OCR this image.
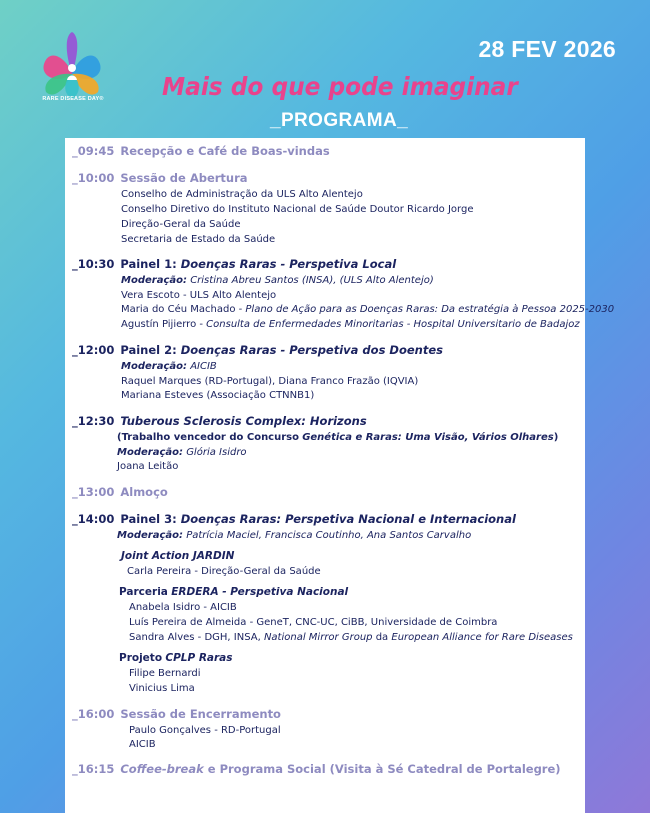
RARE DISEASE DAY®
28 FEV 2026
Mais do que pode imaginar
_PROGRAMA_
_09:45 Recepção e Café de Boas-vindas
_10:00 Sessão de Abertura
Conselho de Administração da ULS Alto Alentejo
Conselho Diretivo do Instituto Nacional de Saúde Doutor Ricardo Jorge
Direção-Geral da Saúde
Secretaria de Estado da Saúde
_10:30 Painel 1: Doenças Raras - Perspetiva Local
Moderação: Cristina Abreu Santos (INSA), (ULS Alto Alentejo)
Vera Escoto - ULS Alto Alentejo
Maria do Céu Machado - Plano de Ação para as Doenças Raras: Da estratégia à Pessoa 2025-2030
Agustín Pijierro - Consulta de Enfermedades Minoritarias - Hospital Universitario de Badajoz
_12:00 Painel 2: Doenças Raras - Perspetiva dos Doentes
Moderação: AICIB
Raquel Marques (RD-Portugal), Diana Franco Frazão (IQVIA)
Mariana Esteves (Associação CTNNB1)
_12:30 Tuberous Sclerosis Complex: Horizons
(Trabalho vencedor do Concurso Genética e Raras: Uma Visão, Vários Olhares)
Moderação: Glória Isidro
Joana Leitão
_13:00 Almoço
_14:00 Painel 3: Doenças Raras: Perspetiva Nacional e Internacional
Moderação: Patrícia Maciel, Francisca Coutinho, Ana Santos Carvalho
Joint Action JARDIN
Carla Pereira - Direção-Geral da Saúde
Parceria ERDERA - Perspetiva Nacional
Anabela Isidro - AICIB
Luís Pereira de Almeida - GeneT, CNC-UC, CiBB, Universidade de Coimbra
Sandra Alves - DGH, INSA, National Mirror Group da European Alliance for Rare Diseases
Projeto CPLP Raras
Filipe Bernardi
Vinicius Lima
_16:00 Sessão de Encerramento
Paulo Gonçalves - RD-Portugal
AICIB
_16:15 Coffee-break e Programa Social (Visita à Sé Catedral de Portalegre)
